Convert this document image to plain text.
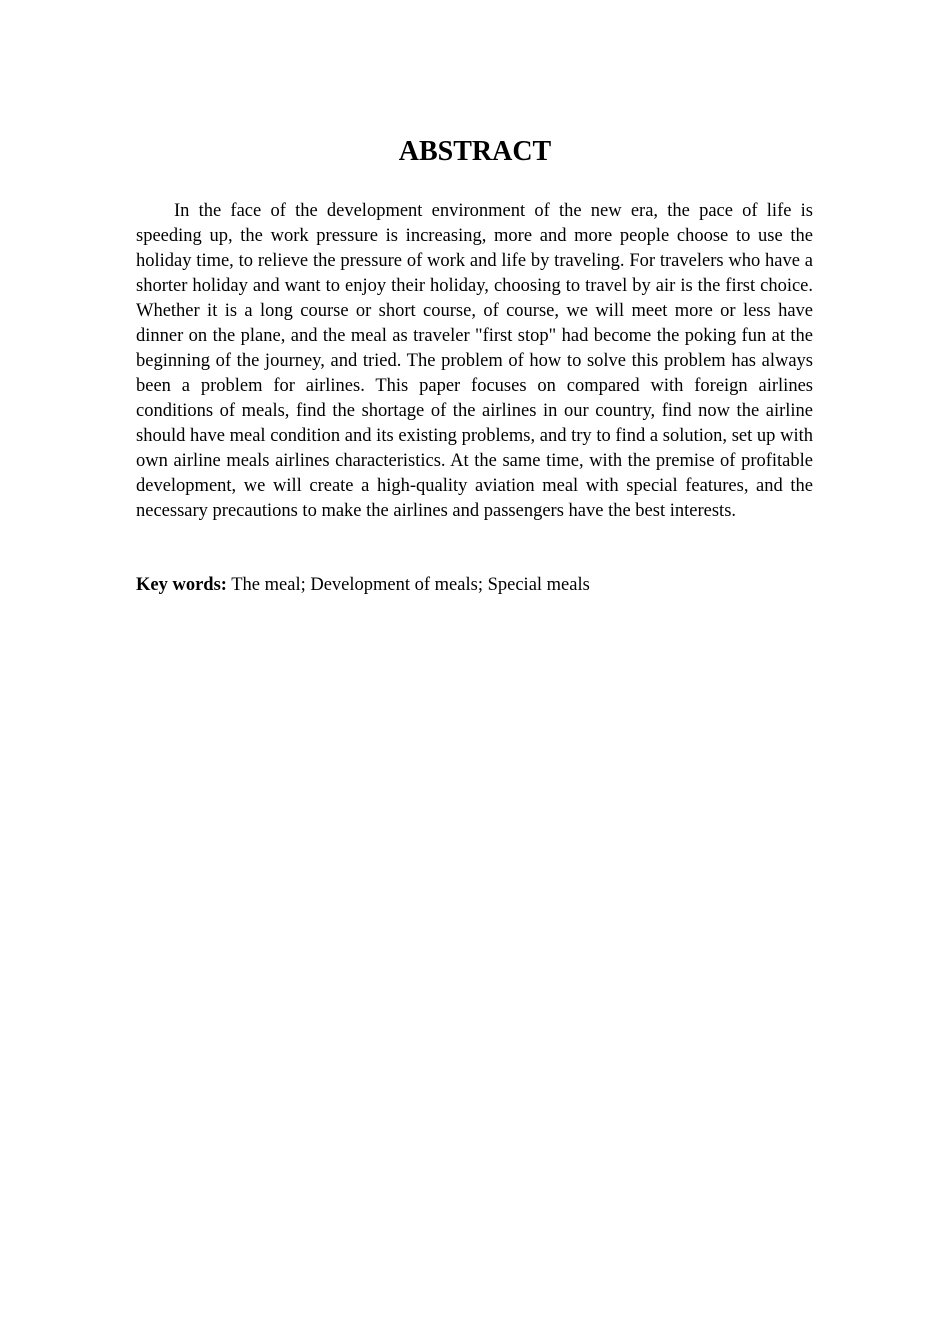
ABSTRACT

In the face of the development environment of the new era, the pace of life is speeding up, the work pressure is increasing, more and more people choose to use the holiday time, to relieve the pressure of work and life by traveling. For travelers who have a shorter holiday and want to enjoy their holiday, choosing to travel by air is the first choice. Whether it is a long course or short course, of course, we will meet more or less have dinner on the plane, and the meal as traveler "first stop" had become the poking fun at the beginning of the journey, and tried. The problem of how to solve this problem has always been a problem for airlines. This paper focuses on compared with foreign airlines conditions of meals, find the shortage of the airlines in our country, find now the airline should have meal condition and its existing problems, and try to find a solution, set up with own airline meals airlines characteristics. At the same time, with the premise of profitable development, we will create a high-quality aviation meal with special features, and the necessary precautions to make the airlines and passengers have the best interests.

Key words: The meal; Development of meals; Special meals
